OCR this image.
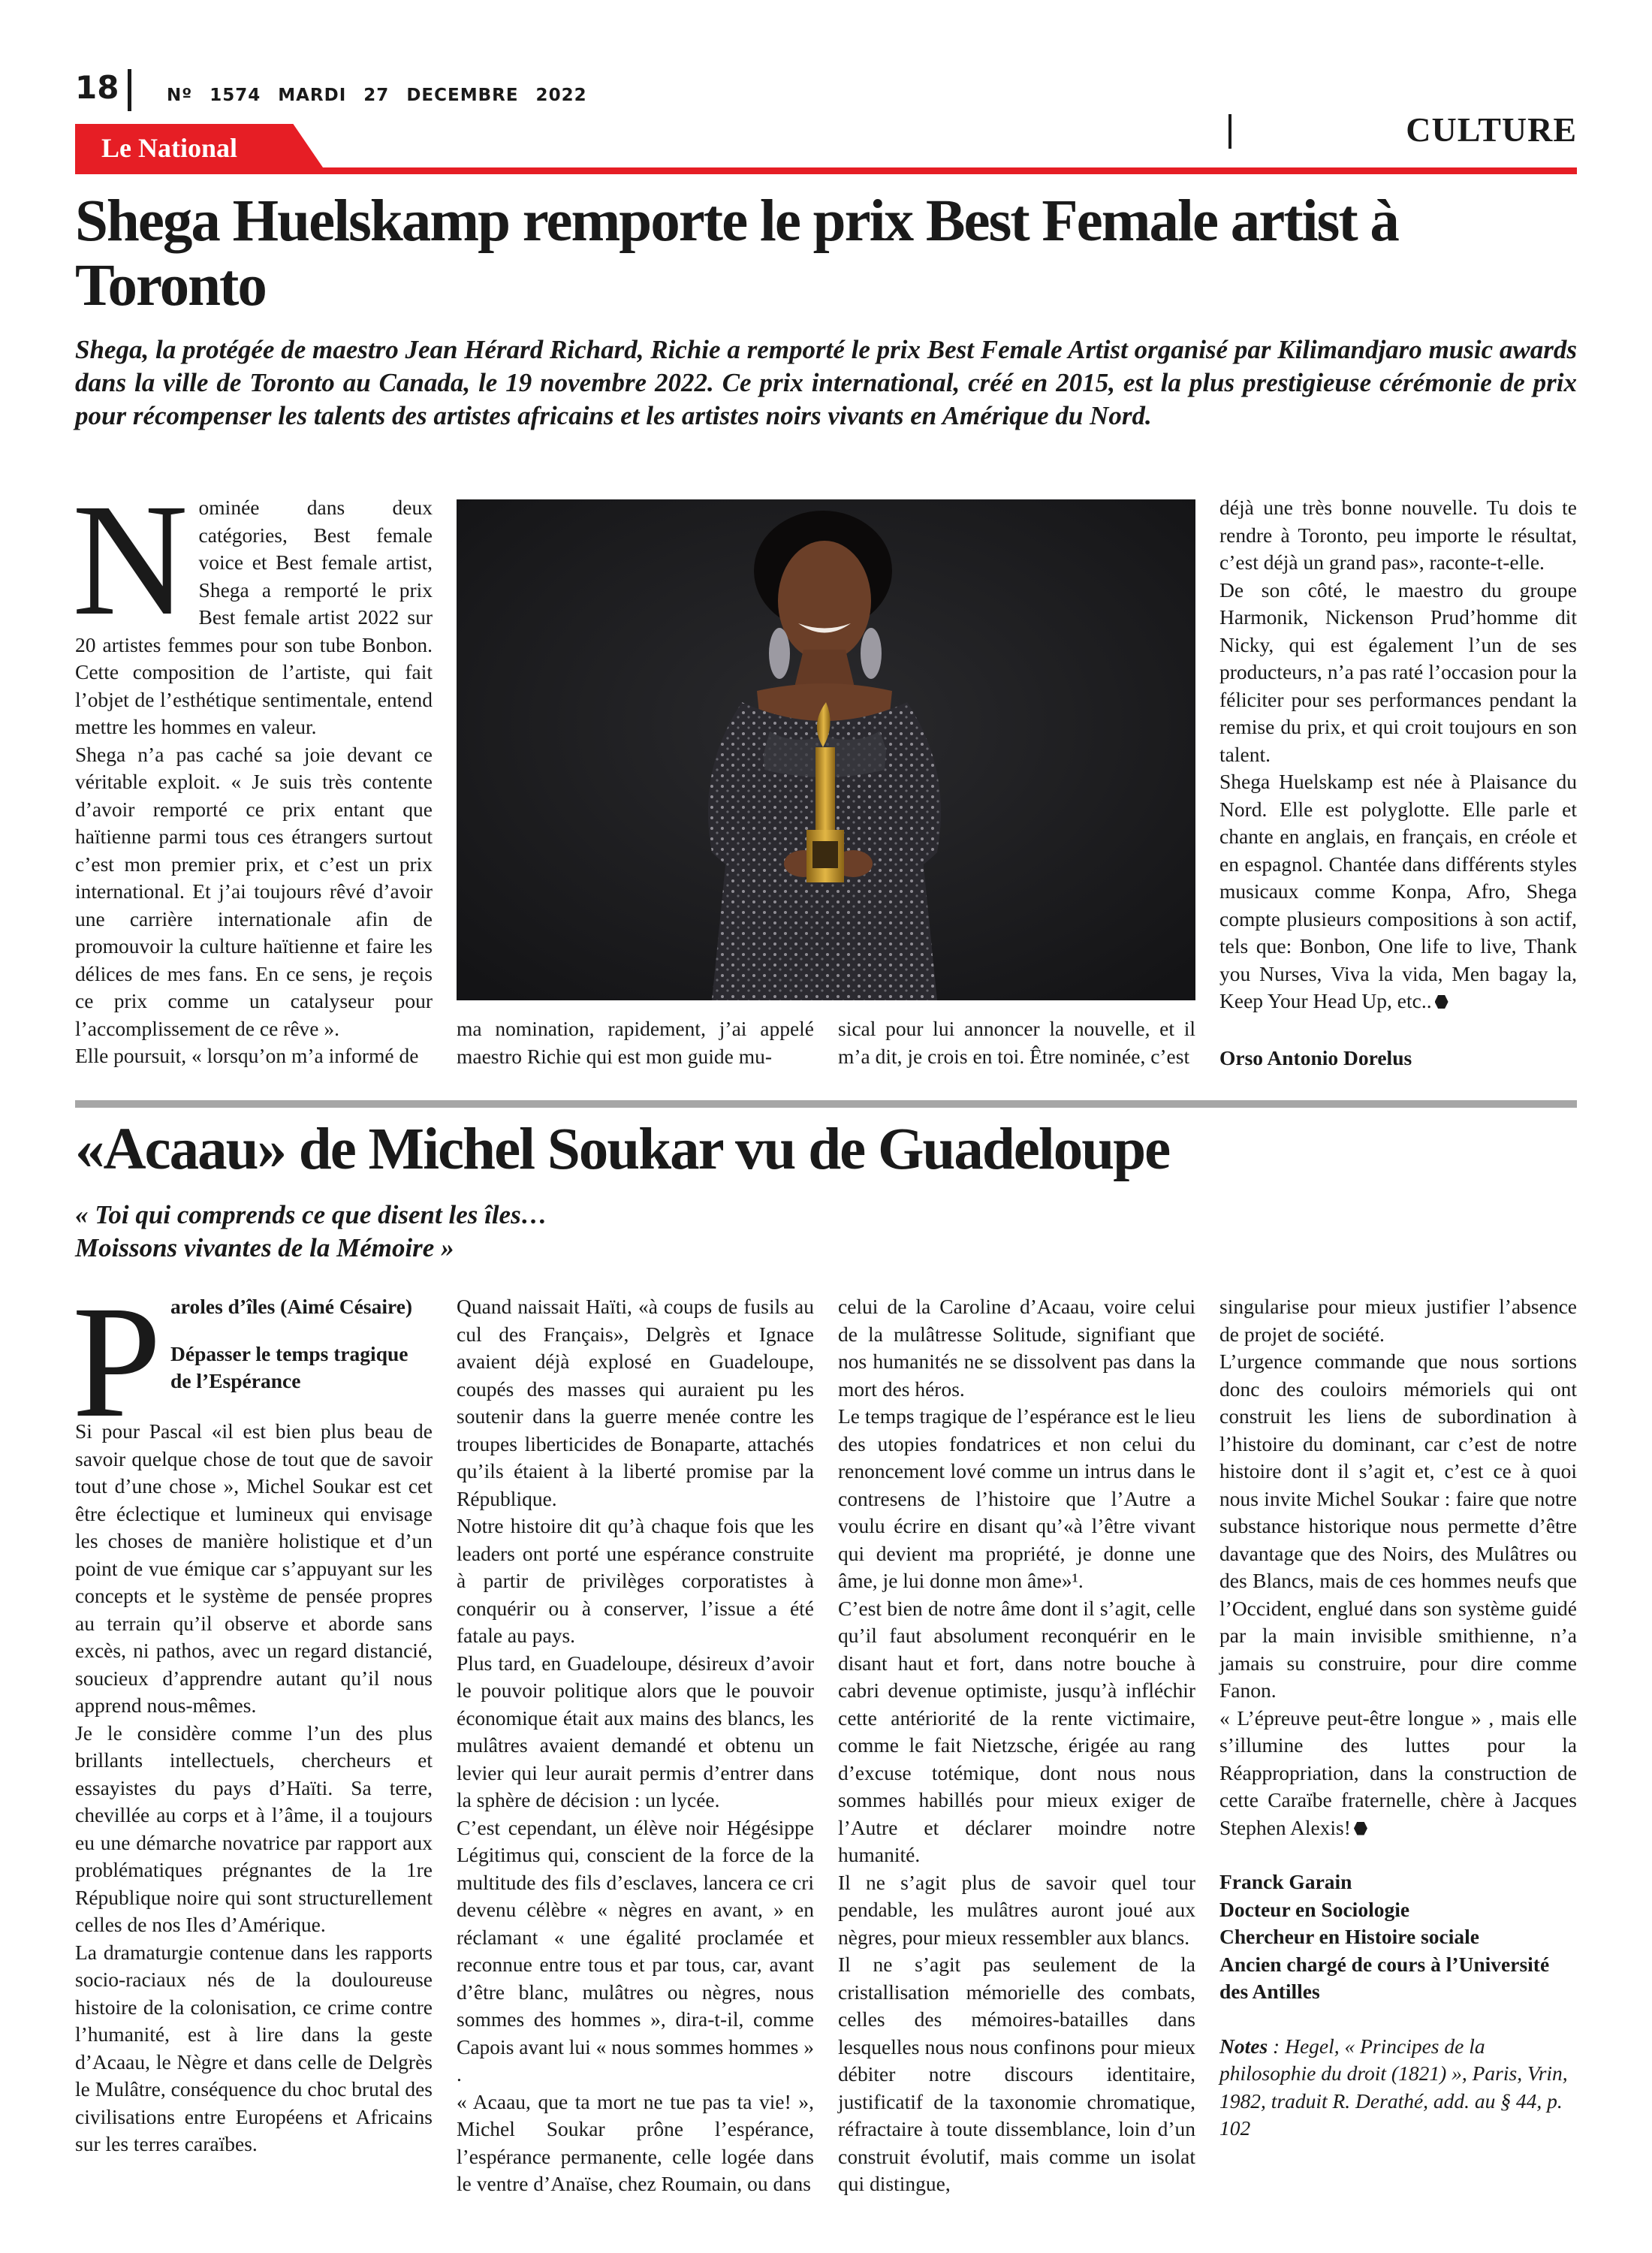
18	Nº 1574 MARDI 27 DECEMBRE 2022
Le National	CULTURE
Shega Huelskamp remporte le prix Best Female artist à Toronto
Shega, la protégée de maestro Jean Hérard Richard, Richie a remporté le prix Best Female Artist organisé par Kilimandjaro music awards dans la ville de Toronto au Canada, le 19 novembre 2022. Ce prix international, créé en 2015, est la plus prestigieuse cérémonie de prix pour récompenser les talents des artistes africains et les artistes noirs vivants en Amérique du Nord.

Nominée dans deux catégories, Best female voice et Best female artist, Shega a remporté le prix Best female artist 2022 sur 20 artistes femmes pour son tube Bonbon. Cette composition de l’artiste, qui fait l’objet de l’esthétique sentimentale, entend mettre les hommes en valeur.

Shega n’a pas caché sa joie devant ce véritable exploit. « Je suis très contente d’avoir remporté ce prix entant que haïtienne parmi tous ces étrangers surtout c’est mon premier prix, et c’est un prix international. Et j’ai toujours rêvé d’avoir une carrière internationale afin de promouvoir la culture haïtienne et faire les délices de mes fans. En ce sens, je reçois ce prix comme un catalyseur pour l’accomplissement de ce rêve ».

Elle poursuit, « lorsqu’on m’a informé de

ma nomination, rapidement, j’ai appelé maestro Richie qui est mon guide mu-

sical pour lui annoncer la nouvelle, et il m’a dit, je crois en toi. Être nominée, c’est

déjà une très bonne nouvelle. Tu dois te rendre à Toronto, peu importe le résultat, c’est déjà un grand pas», raconte-t-elle.

De son côté, le maestro du groupe Harmonik, Nickenson Prud’homme dit Nicky, qui est également l’un de ses producteurs, n’a pas raté l’occasion pour la féliciter pour ses performances pendant la remise du prix, et qui croit toujours en son talent.

Shega Huelskamp est née à Plaisance du Nord. Elle est polyglotte. Elle parle et chante en anglais, en français, en créole et en espagnol. Chantée dans différents styles musicaux comme Konpa, Afro, Shega compte plusieurs compositions à son actif, tels que: Bonbon, One life to live, Thank you Nurses, Viva la vida, Men bagay la, Keep Your Head Up, etc..

Orso Antonio Dorelus
«Acaau» de Michel Soukar vu de Guadeloupe
« Toi qui comprends ce que disent les îles…
Moissons vivantes de la Mémoire »

Paroles d’îles (Aimé Césaire)

Dépasser le temps tragique de l’Espérance

Si pour Pascal «il est bien plus beau de savoir quelque chose de tout que de savoir tout d’une chose », Michel Soukar est cet être éclectique et lumineux qui envisage les choses de manière holistique et d’un point de vue émique car s’appuyant sur les concepts et le système de pensée propres au terrain qu’il observe et aborde sans excès, ni pathos, avec un regard distancié, soucieux d’apprendre autant qu’il nous apprend nous-mêmes.

Je le considère comme l’un des plus brillants intellectuels, chercheurs et essayistes du pays d’Haïti. Sa terre, chevillée au corps et à l’âme, il a toujours eu une démarche novatrice par rapport aux problématiques prégnantes de la 1re République noire qui sont structurellement celles de nos Iles d’Amérique.

La dramaturgie contenue dans les rapports socio-raciaux nés de la douloureuse histoire de la colonisation, ce crime contre l’humanité, est à lire dans la geste d’Acaau, le Nègre et dans celle de Delgrès le Mulâtre, conséquence du choc brutal des civilisations entre Européens et Africains sur les terres caraïbes.

Quand naissait Haïti, «à coups de fusils au cul des Français», Delgrès et Ignace avaient déjà explosé en Guadeloupe, coupés des masses qui auraient pu les soutenir dans la guerre menée contre les troupes liberticides de Bonaparte, attachés qu’ils étaient à la liberté promise par la République.

Notre histoire dit qu’à chaque fois que les leaders ont porté une espérance construite à partir de privilèges corporatistes à conquérir ou à conserver, l’issue a été fatale au pays.

Plus tard, en Guadeloupe, désireux d’avoir le pouvoir politique alors que le pouvoir économique était aux mains des blancs, les mulâtres avaient demandé et obtenu un levier qui leur aurait permis d’entrer dans la sphère de décision : un lycée.

C’est cependant, un élève noir Hégésippe Légitimus qui, conscient de la force de la multitude des fils d’esclaves, lancera ce cri devenu célèbre « nègres en avant, » en réclamant « une égalité proclamée et reconnue entre tous et par tous, car, avant d’être blanc, mulâtres ou nègres, nous sommes des hommes », dira-t-il, comme Capois avant lui « nous sommes hommes » .

« Acaau, que ta mort ne tue pas ta vie! », Michel Soukar prône l’espérance, l’espérance permanente, celle logée dans le ventre d’Anaïse, chez Roumain, ou dans

celui de la Caroline d’Acaau, voire celui de la mulâtresse Solitude, signifiant que nos humanités ne se dissolvent pas dans la mort des héros.

Le temps tragique de l’espérance est le lieu des utopies fondatrices et non celui du renoncement lové comme un intrus dans le contresens de l’histoire que l’Autre a voulu écrire en disant qu’«à l’être vivant qui devient ma propriété, je donne une âme, je lui donne mon âme»¹.

C’est bien de notre âme dont il s’agit, celle qu’il faut absolument reconquérir en le disant haut et fort, dans notre bouche à cabri devenue optimiste, jusqu’à infléchir cette antériorité de la rente victimaire, comme le fait Nietzsche, érigée au rang d’excuse totémique, dont nous nous sommes habillés pour mieux exiger de l’Autre et déclarer moindre notre humanité.

Il ne s’agit plus de savoir quel tour pendable, les mulâtres auront joué aux nègres, pour mieux ressembler aux blancs.

Il ne s’agit pas seulement de la cristallisation mémorielle des combats, celles des mémoires-batailles dans lesquelles nous nous confinons pour mieux débiter notre discours identitaire, justificatif de la taxonomie chromatique, réfractaire à toute dissemblance, loin d’un construit évolutif, mais comme un isolat qui distingue,

singularise pour mieux justifier l’absence de projet de société.

L’urgence commande que nous sortions donc des couloirs mémoriels qui ont construit les liens de subordination à l’histoire du dominant, car c’est de notre histoire dont il s’agit et, c’est ce à quoi nous invite Michel Soukar : faire que notre substance historique nous permette d’être davantage que des Noirs, des Mulâtres ou des Blancs, mais de ces hommes neufs que l’Occident, englué dans son système guidé par la main invisible smithienne, n’a jamais su construire, pour dire comme Fanon.

« L’épreuve peut-être longue » , mais elle s’illumine des luttes pour la Réappropriation, dans la construction de cette Caraïbe fraternelle, chère à Jacques Stephen Alexis!

Franck Garain

Docteur en Sociologie

Chercheur en Histoire sociale

Ancien chargé de cours à l’Université des Antilles

Notes : Hegel, « Principes de la philosophie du droit (1821) », Paris, Vrin, 1982, traduit R. Derathé, add. au § 44, p. 102
